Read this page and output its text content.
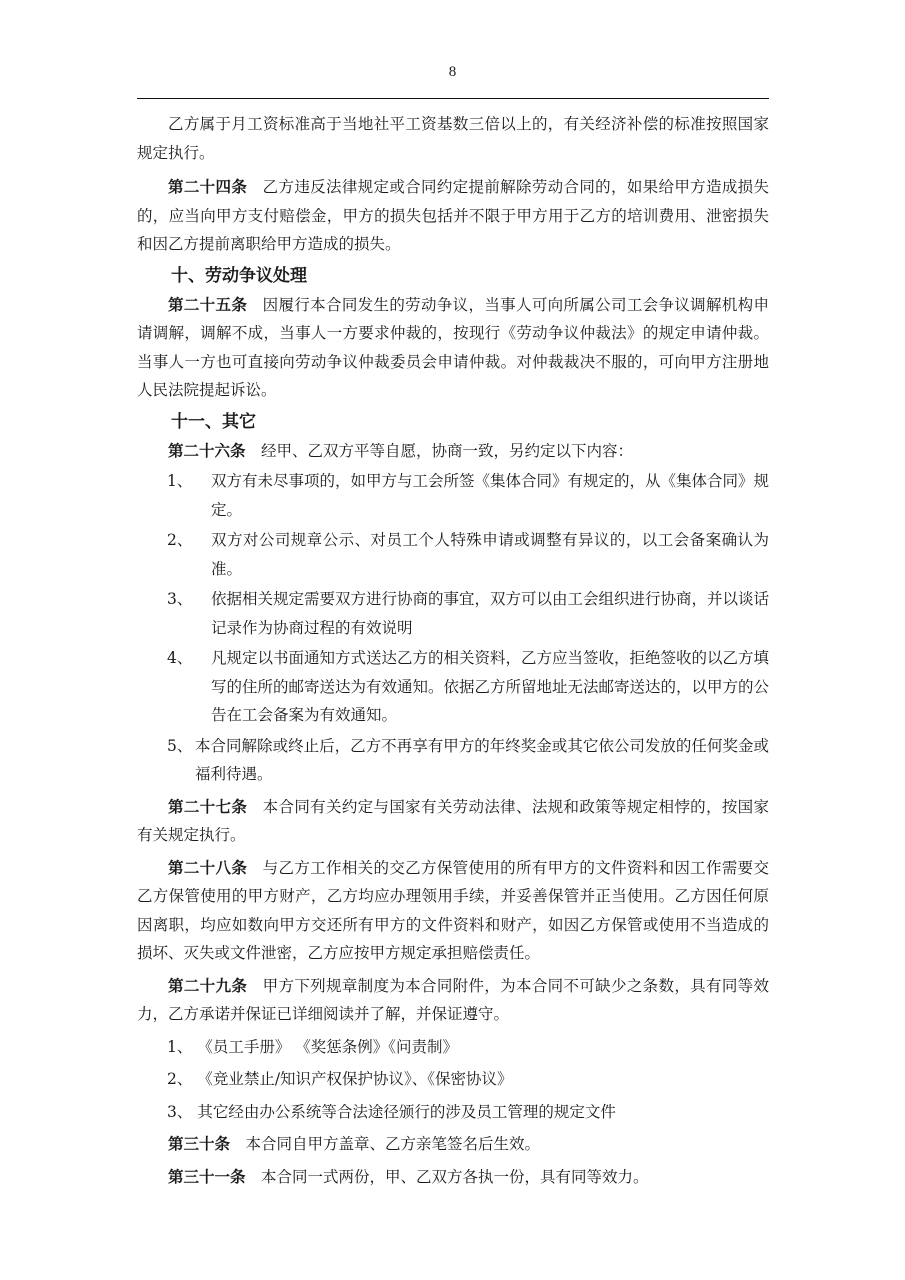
8

乙方属于月工资标准高于当地社平工资基数三倍以上的，有关经济补偿的标准按照国家规定执行。

第二十四条 乙方违反法律规定或合同约定提前解除劳动合同的，如果给甲方造成损失的，应当向甲方支付赔偿金，甲方的损失包括并不限于甲方用于乙方的培训费用、泄密损失和因乙方提前离职给甲方造成的损失。

十、劳动争议处理

第二十五条 因履行本合同发生的劳动争议，当事人可向所属公司工会争议调解机构申请调解，调解不成，当事人一方要求仲裁的，按现行《劳动争议仲裁法》的规定申请仲裁。当事人一方也可直接向劳动争议仲裁委员会申请仲裁。对仲裁裁决不服的，可向甲方注册地人民法院提起诉讼。

十一、其它

第二十六条 经甲、乙双方平等自愿，协商一致，另约定以下内容：

1、	双方有未尽事项的，如甲方与工会所签《集体合同》有规定的，从《集体合同》规定。
2、	双方对公司规章公示、对员工个人特殊申请或调整有异议的，以工会备案确认为准。
3、	依据相关规定需要双方进行协商的事宜，双方可以由工会组织进行协商，并以谈话记录作为协商过程的有效说明
4、	凡规定以书面通知方式送达乙方的相关资料，乙方应当签收，拒绝签收的以乙方填写的住所的邮寄送达为有效通知。依据乙方所留地址无法邮寄送达的，以甲方的公告在工会备案为有效通知。
5、 本合同解除或终止后，乙方不再享有甲方的年终奖金或其它依公司发放的任何奖金或福利待遇。

第二十七条 本合同有关约定与国家有关劳动法律、法规和政策等规定相悖的，按国家有关规定执行。

第二十八条 与乙方工作相关的交乙方保管使用的所有甲方的文件资料和因工作需要交乙方保管使用的甲方财产，乙方均应办理领用手续，并妥善保管并正当使用。乙方因任何原因离职，均应如数向甲方交还所有甲方的文件资料和财产，如因乙方保管或使用不当造成的损坏、灭失或文件泄密，乙方应按甲方规定承担赔偿责任。

第二十九条 甲方下列规章制度为本合同附件，为本合同不可缺少之条数，具有同等效力，乙方承诺并保证已详细阅读并了解，并保证遵守。

1、 《员工手册》 《奖惩条例》《问责制》

2、 《竞业禁止/知识产权保护协议》、《保密协议》

3、 其它经由办公系统等合法途径颁行的涉及员工管理的规定文件

第三十条 本合同自甲方盖章、乙方亲笔签名后生效。

第三十一条 本合同一式两份，甲、乙双方各执一份，具有同等效力。
